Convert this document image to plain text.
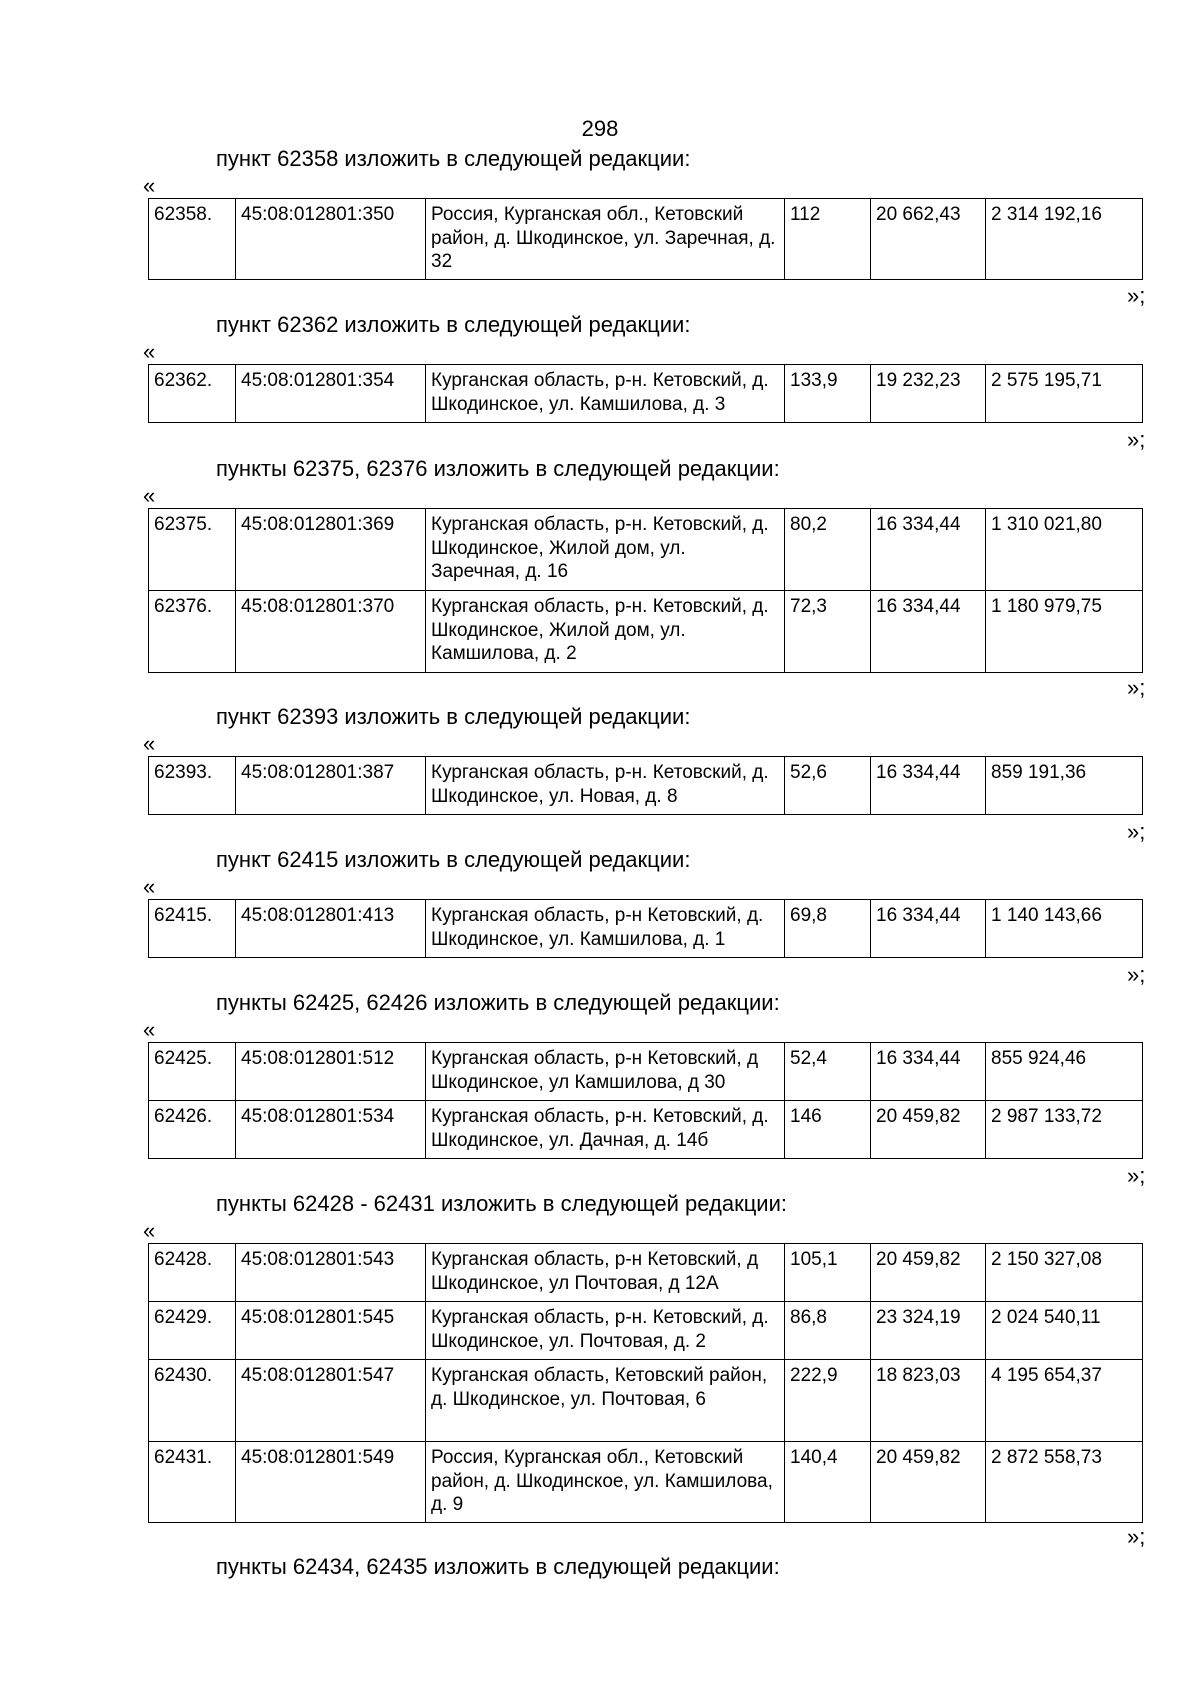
298
пункт 62358 изложить в следующей редакции:
«
62358.	45:08:012801:350	Россия, Курганская обл., Кетовский район, д. Шкодинское, ул. Заречная, д. 32	112	20 662,43	2 314 192,16
»;
пункт 62362 изложить в следующей редакции:
«
62362.	45:08:012801:354	Курганская область, р-н. Кетовский, д. Шкодинское, ул. Камшилова, д. 3	133,9	19 232,23	2 575 195,71
»;
пункты 62375, 62376 изложить в следующей редакции:
«
62375.	45:08:012801:369	Курганская область, р-н. Кетовский, д. Шкодинское, Жилой дом, ул. Заречная, д. 16	80,2	16 334,44	1 310 021,80
62376.	45:08:012801:370	Курганская область, р-н. Кетовский, д. Шкодинское, Жилой дом, ул. Камшилова, д. 2	72,3	16 334,44	1 180 979,75
»;
пункт 62393 изложить в следующей редакции:
«
62393.	45:08:012801:387	Курганская область, р-н. Кетовский, д. Шкодинское, ул. Новая, д. 8	52,6	16 334,44	859 191,36
»;
пункт 62415 изложить в следующей редакции:
«
62415.	45:08:012801:413	Курганская область, р-н Кетовский, д. Шкодинское, ул. Камшилова, д. 1	69,8	16 334,44	1 140 143,66
»;
пункты 62425, 62426 изложить в следующей редакции:
«
62425.	45:08:012801:512	Курганская область, р-н Кетовский, д Шкодинское, ул Камшилова, д 30	52,4	16 334,44	855 924,46
62426.	45:08:012801:534	Курганская область, р-н. Кетовский, д. Шкодинское, ул. Дачная, д. 14б	146	20 459,82	2 987 133,72
»;
пункты 62428 - 62431 изложить в следующей редакции:
«
62428.	45:08:012801:543	Курганская область, р-н Кетовский, д Шкодинское, ул Почтовая, д 12А	105,1	20 459,82	2 150 327,08
62429.	45:08:012801:545	Курганская область, р-н. Кетовский, д. Шкодинское, ул. Почтовая, д. 2	86,8	23 324,19	2 024 540,11
62430.	45:08:012801:547	Курганская область, Кетовский район, д. Шкодинское, ул. Почтовая, 6	222,9	18 823,03	4 195 654,37
62431.	45:08:012801:549	Россия, Курганская обл., Кетовский район, д. Шкодинское, ул. Камшилова, д. 9	140,4	20 459,82	2 872 558,73
»;
пункты 62434, 62435 изложить в следующей редакции:
